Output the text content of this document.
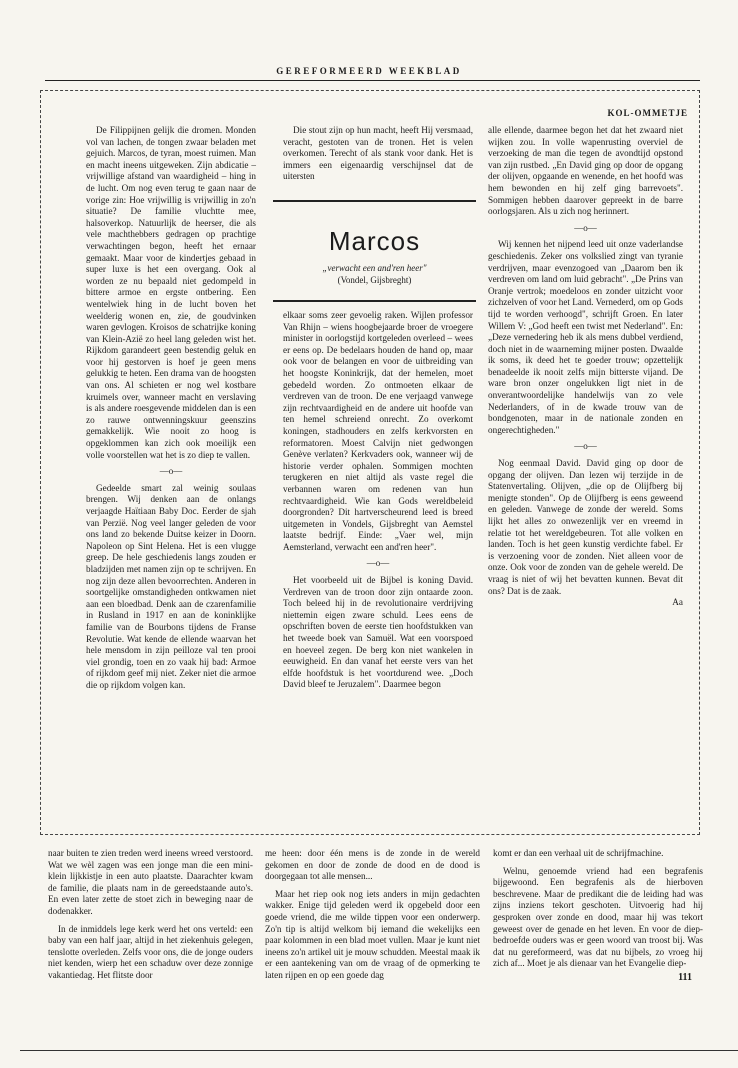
GEREFORMEERD WEEKBLAD
KOL-OMMETJE

De Filippijnen gelijk die dromen. Monden vol van lachen, de tongen zwaar beladen met gejuich. Marcos, de tyran, moest ruimen. Man en macht ineens uitgeweken. Zijn abdicatie – vrijwillige afstand van waardigheid – hing in de lucht. Om nog even terug te gaan naar de vorige zin: Hoe vrijwillig is vrijwillig in zo'n situatie? De familie vluchtte mee, halsoverkop. Natuurlijk de heerser, die als vele machthebbers gedragen op prachtige verwachtingen begon, heeft het ernaar gemaakt. Maar voor de kindertjes gebaad in super luxe is het een overgang. Ook al worden ze nu bepaald niet gedompeld in bittere armoe en ergste ontbering. Een wentelwiek hing in de lucht boven het weelderig wonen en, zie, de goudvinken waren gevlogen. Kroisos de schatrijke koning van Klein-Azië zo heel lang geleden wist het. Rijkdom garandeert geen bestendig geluk en voor hij gestorven is hoef je geen mens gelukkig te heten. Een drama van de hoogsten van ons. Al schieten er nog wel kostbare kruimels over, wanneer macht en verslaving is als andere roesgevende middelen dan is een zo rauwe ontwenningskuur geenszins gemakkelijk. Wie nooit zo hoog is opgeklommen kan zich ook moeilijk een volle voorstellen wat het is zo diep te vallen.

—o—

Gedeelde smart zal weinig soulaas brengen. Wij denken aan de onlangs verjaagde Haïtiaan Baby Doc. Eerder de sjah van Perzië. Nog veel langer geleden de voor ons land zo bekende Duitse keizer in Doorn. Napoleon op Sint Helena. Het is een vlugge greep. De hele geschiedenis langs zouden er bladzijden met namen zijn op te schrijven. En nog zijn deze allen bevoorrechten. Anderen in soortgelijke omstandigheden ontkwamen niet aan een bloedbad. Denk aan de czarenfamilie in Rusland in 1917 en aan de koninklijke familie van de Bourbons tijdens de Franse Revolutie. Wat kende de ellende waarvan het hele mensdom in zijn peilloze val ten prooi viel grondig, toen en zo vaak hij bad: Armoe of rijkdom geef mij niet. Zeker niet die armoe die op rijkdom volgen kan.

Die stout zijn op hun macht, heeft Hij versmaad, veracht, gestoten van de tronen. Het is velen overkomen. Terecht of als stank voor dank. Het is immers een eigenaardig verschijnsel dat de uitersten

Marcos
„verwacht een and'ren heer"
(Vondel, Gijsbreght)

elkaar soms zeer gevoelig raken. Wijlen professor Van Rhijn – wiens hoogbejaarde broer de vroegere minister in oorlogstijd kortgeleden overleed – wees er eens op. De bedelaars houden de hand op, maar ook voor de belangen en voor de uitbreiding van het hoogste Koninkrijk, dat der hemelen, moet gebedeld worden. Zo ontmoeten elkaar de verdreven van de troon. De ene verjaagd vanwege zijn rechtvaardigheid en de andere uit hoofde van ten hemel schreiend onrecht. Zo overkomt koningen, stadhouders en zelfs kerkvorsten en reformatoren. Moest Calvijn niet gedwongen Genève verlaten? Kerkvaders ook, wanneer wij de historie verder ophalen. Sommigen mochten terugkeren en niet altijd als vaste regel die verbannen waren om redenen van hun rechtvaardigheid. Wie kan Gods wereldbeleid doorgronden? Dit hartverscheurend leed is breed uitgemeten in Vondels, Gijsbreght van Aemstel laatste bedrijf. Einde: „Vaer wel, mijn Aemsterland, verwacht een and'ren heer".

—o—

Het voorbeeld uit de Bijbel is koning David. Verdreven van de troon door zijn ontaarde zoon. Toch beleed hij in de revolutionaire verdrijving niettemin eigen zware schuld. Lees eens de opschriften boven de eerste tien hoofdstukken van het tweede boek van Samuël. Wat een voorspoed en hoeveel zegen. De berg kon niet wankelen in eeuwigheid. En dan vanaf het eerste vers van het elfde hoofdstuk is het voortdurend wee. „Doch David bleef te Jeruzalem". Daarmee begon

alle ellende, daarmee begon het dat het zwaard niet wijken zou. In volle wapenrusting overviel de verzoeking de man die tegen de avondtijd opstond van zijn rustbed. „En David ging op door de opgang der olijven, opgaande en wenende, en het hoofd was hem bewonden en hij zelf ging barrevoets". Sommigen hebben daarover gepreekt in de barre oorlogsjaren. Als u zich nog herinnert.

—o—

Wij kennen het nijpend leed uit onze vaderlandse geschiedenis. Zeker ons volkslied zingt van tyranie verdrijven, maar evenzogoed van „Daarom ben ik verdreven om land om luid gebracht". „De Prins van Oranje vertrok; moedeloos en zonder uitzicht voor zichzelven of voor het Land. Vernederd, om op Gods tijd te worden verhoogd", schrijft Groen. En later Willem V: „God heeft een twist met Nederland". En: „Deze vernedering heb ik als mens dubbel verdiend, doch niet in de waarneming mijner posten. Dwaalde ik soms, ik deed het te goeder trouw; opzettelijk benadeelde ik nooit zelfs mijn bitterste vijand. De ware bron onzer ongelukken ligt niet in de onverantwoordelijke handelwijs van zo vele Nederlanders, of in de kwade trouw van de bondgenoten, maar in de nationale zonden en ongerechtigheden."

—o—

Nog eenmaal David. David ging op door de opgang der olijven. Dan lezen wij terzijde in de Statenvertaling. Olijven, „die op de Olijfberg bij menigte stonden". Op de Olijfberg is eens geweend en geleden. Vanwege de zonde der wereld. Soms lijkt het alles zo onwezenlijk ver en vreemd in relatie tot het wereldgebeuren. Tot alle volken en landen. Toch is het geen kunstig verdichte fabel. Er is verzoening voor de zonden. Niet alleen voor de onze. Ook voor de zonden van de gehele wereld. De vraag is niet of wij het bevatten kunnen. Bevat dit ons? Dat is de zaak.

Aa

naar buiten te zien treden werd ineens wreed verstoord. Wat we wèl zagen was een jonge man die een mini-klein lijkkistje in een auto plaatste. Daarachter kwam de familie, die plaats nam in de gereedstaande auto's. En even later zette de stoet zich in beweging naar de dodenakker.

In de inmiddels lege kerk werd het ons verteld: een baby van een half jaar, altijd in het ziekenhuis gelegen, tenslotte overleden. Zelfs voor ons, die de jonge ouders niet kenden, wierp het een schaduw over deze zonnige vakantiedag. Het flitste door

me heen: door één mens is de zonde in de wereld gekomen en door de zonde de dood en de dood is doorgegaan tot alle mensen...

Maar het riep ook nog iets anders in mijn gedachten wakker. Enige tijd geleden werd ik opgebeld door een goede vriend, die me wilde tippen voor een onderwerp. Zo'n tip is altijd welkom bij iemand die wekelijks een paar kolommen in een blad moet vullen. Maar je kunt niet ineens zo'n artikel uit je mouw schudden. Meestal maak ik er een aantekening van om de vraag of de opmerking te laten rijpen en op een goede dag

komt er dan een verhaal uit de schrijfmachine.

Welnu, genoemde vriend had een begrafenis bijgewoond. Een begrafenis als de hierboven beschrevene. Maar de predikant die de leiding had was zijns inziens tekort geschoten. Uitvoerig had hij gesproken over zonde en dood, maar hij was tekort geweest over de genade en het leven. En voor de diep-bedroefde ouders was er geen woord van troost bij. Was dat nu gereformeerd, was dat nu bijbels, zo vroeg hij zich af... Moet je als dienaar van het Evangelie diep-

111
